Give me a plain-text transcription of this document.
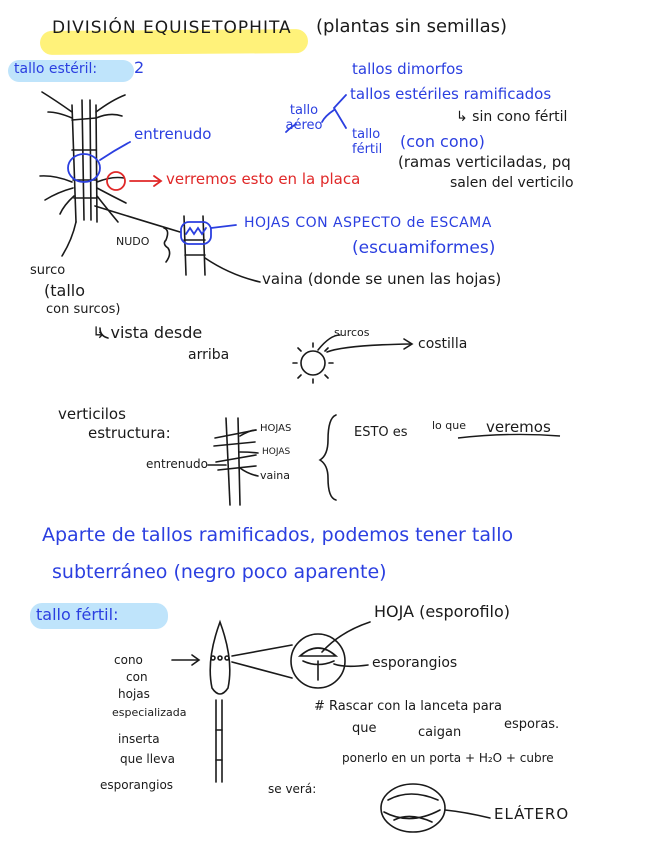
DIVISIÓN EQUISETOPHITA (plantas sin semillas)
tallo estéril: 2	tallos dimorfos
tallo aéreo
tallos estériles ramificados
↳ sin cono fértil
tallo fértil	(con cono)
entrenudo
verremos esto en la placa
(ramas verticiladas, pq
salen del verticilo
HOJAS CON ASPECTO de ESCAMA
(escuamiformes)
NUDO
vaina (donde se unen las hojas)
surco
(tallo
con surcos)
↳ vista desde
arriba
surcos
costilla
verticilos
estructura:	HOJAS
HOJAS
entrenudo
vaina
ESTO es lo que veremos
Aparte de tallos ramificados, podemos tener tallo
subterráneo (negro poco aparente)
tallo fértil:
cono
con
hojas
especializada
inserta
que lleva
esporangios
HOJA (esporofilo)
esporangios
# Rascar con la lanceta para
que	caigan
esporas.
ponerlo en un porta + H₂O + cubre
se verá:
ELÁTERO
